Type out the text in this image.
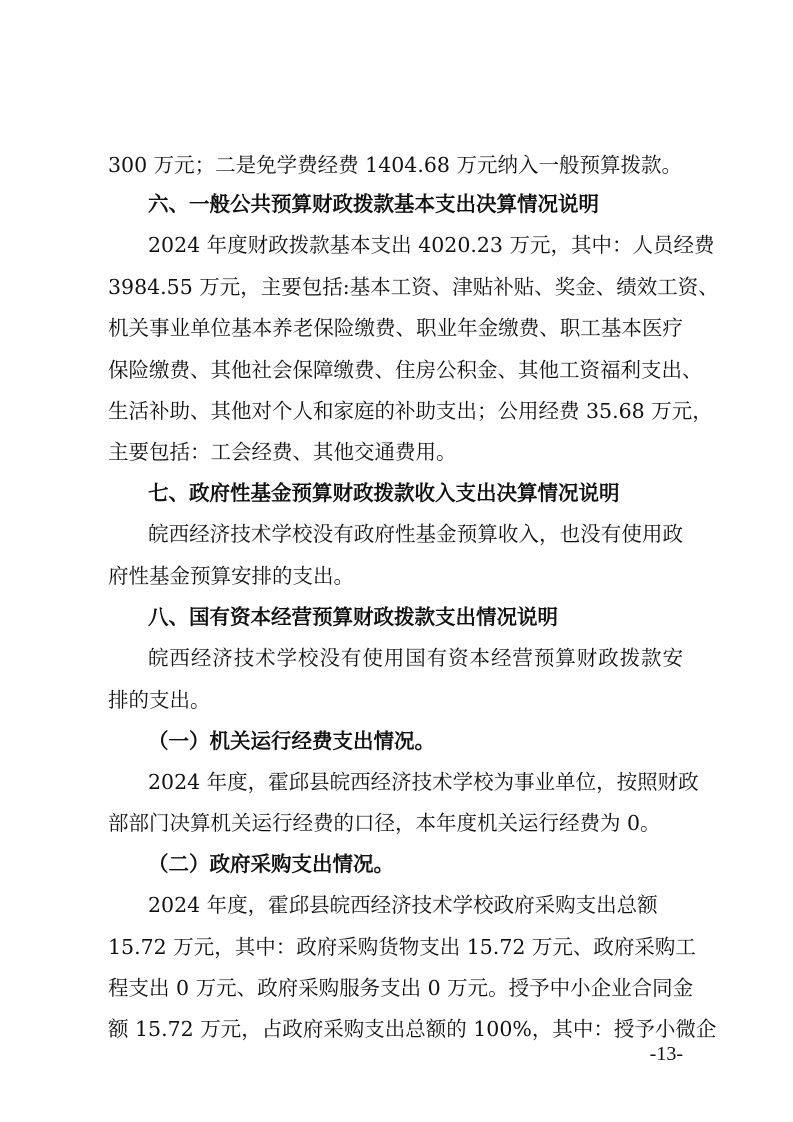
300 万元；二是免学费经费 1404.68 万元纳入一般预算拨款。
六、一般公共预算财政拨款基本支出决算情况说明
2024 年度财政拨款基本支出 4020.23 万元，其中：人员经费
3984.55 万元，主要包括:基本工资、津贴补贴、奖金、绩效工资、
机关事业单位基本养老保险缴费、职业年金缴费、职工基本医疗
保险缴费、其他社会保障缴费、住房公积金、其他工资福利支出、
生活补助、其他对个人和家庭的补助支出；公用经费 35.68 万元，
主要包括：工会经费、其他交通费用。
七、政府性基金预算财政拨款收入支出决算情况说明
皖西经济技术学校没有政府性基金预算收入，也没有使用政
府性基金预算安排的支出。
八、国有资本经营预算财政拨款支出情况说明
皖西经济技术学校没有使用国有资本经营预算财政拨款安
排的支出。
（一）机关运行经费支出情况。
2024 年度，霍邱县皖西经济技术学校为事业单位，按照财政
部部门决算机关运行经费的口径，本年度机关运行经费为 0。
（二）政府采购支出情况。
2024 年度，霍邱县皖西经济技术学校政府采购支出总额
15.72 万元，其中：政府采购货物支出 15.72 万元、政府采购工
程支出 0 万元、政府采购服务支出 0 万元。授予中小企业合同金
额 15.72 万元，占政府采购支出总额的 100%，其中：授予小微企
-13-
